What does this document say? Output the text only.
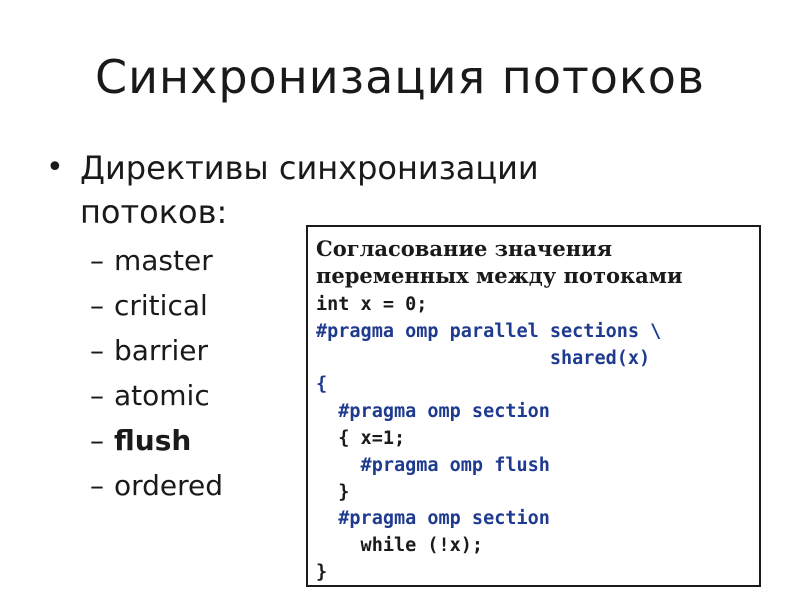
Синхронизация потоков
• Директивы синхронизации потоков:
– master
– critical
– barrier
– atomic
– flush
– ordered
Согласование значения переменных между потоками
int x = 0;
#pragma omp parallel sections \
shared(x)
{
#pragma omp section
{ x=1;
#pragma omp flush
}
#pragma omp section
while (!x);
}
